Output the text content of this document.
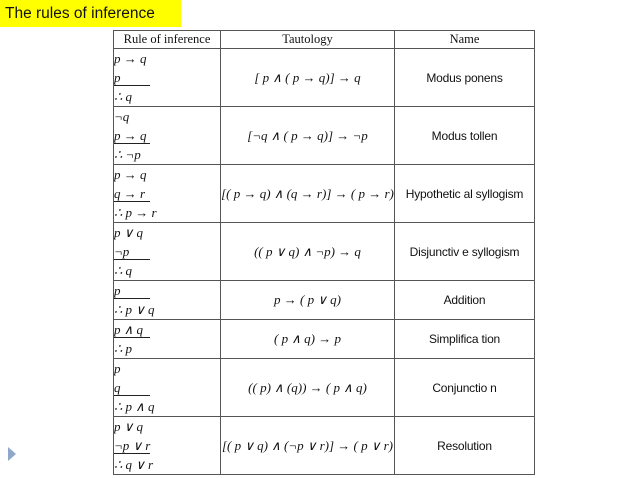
The rules of inference
Rule of inference	Tautology	Name

p → q
p
∴ q	[ p ∧ ( p → q)] → q	Modus ponens

¬q
p → q
∴ ¬p	[¬q ∧ ( p → q)] → ¬p	Modus tollen

p → q
q → r
∴ p → r	[( p → q) ∧ (q → r)] → ( p → r)	Hypothetic al syllogism

p ∨ q
¬p
∴ q	(( p ∨ q) ∧ ¬p) → q	Disjunctiv e syllogism

p
∴ p ∨ q	p → ( p ∨ q)	Addition

p ∧ q
∴ p	( p ∧ q) → p	Simplifica tion

p
q
∴ p ∧ q	(( p) ∧ (q)) → ( p ∧ q)	Conjunctio n

p ∨ q
¬p ∨ r
∴ q ∨ r	[( p ∨ q) ∧ (¬p ∨ r)] → ( p ∨ r)	Resolution
